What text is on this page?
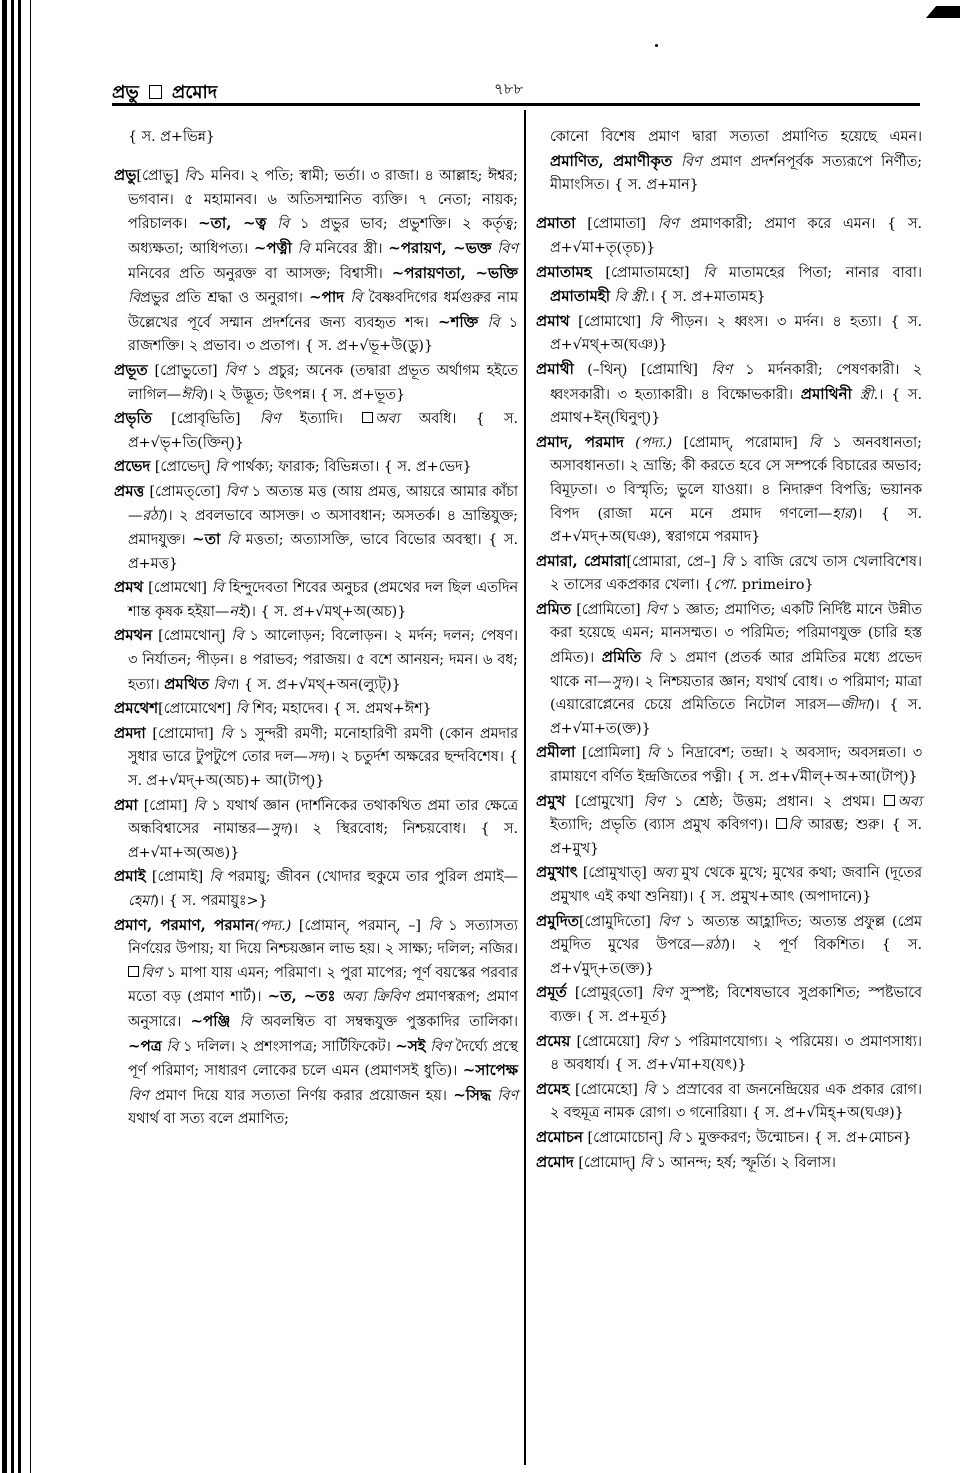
প্রভু প্রমোদ	৭৮৮

{ স. প্র+ভিন্ন}

প্রভু[প্রোভু] বি১ মনিব। ২ পতি; স্বামী; ভর্তা। ৩ রাজা। ৪ আল্লাহ; ঈশ্বর; ভগবান। ৫ মহামানব। ৬ অতিসম্মানিত ব্যক্তি। ৭ নেতা; নায়ক; পরিচালক। ~তা, ~ত্ব বি ১ প্রভুর ভাব; প্রভুশক্তি। ২ কর্তৃত্ব; অধ্যক্ষতা; আধিপত্য। ~পত্নী বি মনিবের স্ত্রী। ~পরায়ণ, ~ভক্ত বিণ মনিবের প্রতি অনুরক্ত বা আসক্ত; বিশ্বাসী। ~পরায়ণতা, ~ভক্তি বিপ্রভুর প্রতি শ্রদ্ধা ও অনুরাগ। ~পাদ বি বৈষ্ণবদিগের ধর্মগুরুর নাম উল্লেখের পূর্বে সম্মান প্রদর্শনের জন্য ব্যবহৃত শব্দ। ~শক্তি বি ১ রাজশক্তি। ২ প্রভাব। ৩ প্রতাপ। { স. প্র+√ভূ+উ(ডু)}

প্রভূত [প্রোভুতো] বিণ ১ প্রচুর; অনেক (তদ্বারা প্রভূত অর্থাগম হইতে লাগিল—ঈবি)। ২ উদ্ভূত; উৎপন্ন। { স. প্র+ভূত}

প্রভৃতি [প্রোবৃভিতি] বিণ ইত্যাদি। অব্য অবধি। { স. প্র+√ভৃ+তি(ক্তিন্)}

প্রভেদ [প্রোভেদ্] বি পার্থক্য; ফারাক; বিভিন্নতা। { স. প্র+ভেদ}

প্রমত্ত [প্রোমত্‌তো] বিণ ১ অত্যন্ত মত্ত (আয় প্রমত্ত, আয়রে আমার কাঁচা—রঠা)। ২ প্রবলভাবে আসক্ত। ৩ অসাবধান; অসতর্ক। ৪ ভ্রান্তিযুক্ত; প্রমাদযুক্ত। ~তা বি মত্ততা; অত্যাসক্তি, ভাবে বিভোর অবস্থা। { স. প্র+মত্ত}

প্রমথ [প্রোমথো] বি হিন্দুদেবতা শিবের অনুচর (প্রমথের দল ছিল এতদিন শান্ত কৃষক হইয়া—নই)। { স. প্র+√মথ্+অ(অচ)}

প্রমথন [প্রোমথোন্] বি ১ আলোড়ন; বিলোড়ন। ২ মর্দন; দলন; পেষণ। ৩ নির্যাতন; পীড়ন। ৪ পরাভব; পরাজয়। ৫ বশে আনয়ন; দমন। ৬ বধ; হত্যা। প্রমথিত বিণ। { স. প্র+√মথ্+অন(ল্যুট্)}

প্রমথেশ[প্রোমোথেশ] বি শিব; মহাদেব। { স. প্রমথ+ঈশ}

প্রমদা [প্রোমোদা] বি ১ সুন্দরী রমণী; মনোহারিণী রমণী (কোন প্রমদার সুধার ভারে টুপটুপে তোর দল—সদ)। ২ চতুর্দশ অক্ষরের ছন্দবিশেষ। { স. প্র+√মদ্+অ(অচ)+ আ(টাপ্)}

প্রমা [প্রোমা] বি ১ যথার্থ জ্ঞান (দার্শনিকের তথাকথিত প্রমা তার ক্ষেত্রে অন্ধবিশ্বাসের নামান্তর—সুদ)। ২ স্থিরবোধ; নিশ্চয়বোধ। { স. প্র+√মা+অ(অঙ)}

প্রমাই [প্রোমাই] বি পরমায়ু; জীবন (খোদার হুকুমে তার পুরিল প্রমাই—হেমা)। { স. পরমায়ুঃ>}

প্রমাণ, পরমাণ, পরমান(পদ্য.) [প্রোমান্, পরমান্, –] বি ১ সত্যাসত্য নির্ণয়ের উপায়; যা দিয়ে নিশ্চয়জ্ঞান লাভ হয়। ২ সাক্ষ্য; দলিল; নজির। বিণ ১ মাপা যায় এমন; পরিমাণ। ২ পুরা মাপের; পূর্ণ বয়স্কের পরবার মতো বড় (প্রমাণ শার্ট)। ~ত, ~তঃ অব্য ক্রিবিণ প্রমাণস্বরূপ; প্রমাণ অনুসারে। ~পঞ্জি বি অবলম্বিত বা সম্বন্ধযুক্ত পুস্তকাদির তালিকা। ~পত্র বি ১ দলিল। ২ প্রশংসাপত্র; সার্টিফিকেট। ~সই বিণ দৈর্ঘ্যে প্রস্থে পূর্ণ পরিমাণ; সাধারণ লোকের চলে এমন (প্রমাণসই ধুতি)। ~সাপেক্ষ বিণ প্রমাণ দিয়ে যার সত্যতা নির্ণয় করার প্রয়োজন হয়। ~সিদ্ধ বিণ যথার্থ বা সত্য বলে প্রমাণিত;

কোনো বিশেষ প্রমাণ দ্বারা সত্যতা প্রমাণিত হয়েছে এমন। প্রমাণিত, প্রমাণীকৃত বিণ প্রমাণ প্রদর্শনপূর্বক সত্যরূপে নির্ণীত; মীমাংসিত। { স. প্র+মান}

প্রমাতা [প্রোমাতা] বিণ প্রমাণকারী; প্রমাণ করে এমন। { স. প্র+√মা+তৃ(তৃচ)}

প্রমাতামহ [প্রোমাতামহো] বি মাতামহের পিতা; নানার বাবা। প্রমাতামহী বি স্ত্রী.। { স. প্র+মাতামহ}

প্রমাথ [প্রোমাথো] বি পীড়ন। ২ ধ্বংস। ৩ মর্দন। ৪ হত্যা। { স. প্র+√মথ্+অ(ঘঞ)}

প্রমাথী (–থিন্) [প্রোমাথি] বিণ ১ মর্দনকারী; পেষণকারী। ২ ধ্বংসকারী। ৩ হত্যাকারী। ৪ বিক্ষোভকারী। প্রমাথিনী স্ত্রী.। { স. প্রমাথ+ইন্(ঘিনুণ্)}

প্রমাদ, পরমাদ (পদ্য.) [প্রোমাদ্, পরোমাদ] বি ১ অনবধানতা; অসাবধানতা। ২ ভ্রান্তি; কী করতে হবে সে সম্পর্কে বিচারের অভাব; বিমূঢ়তা। ৩ বিস্মৃতি; ভুলে যাওয়া। ৪ নিদারুণ বিপত্তি; ভয়ানক বিপদ (রাজা মনে মনে প্রমাদ গণলো—হার)। { স. প্র+√মদ্+অ(ঘঞ), স্বরাগমে পরমাদ}

প্রমারা, প্রেমারা[প্রোমারা, প্রে–] বি ১ বাজি রেখে তাস খেলাবিশেষ। ২ তাসের একপ্রকার খেলা। {পো. primeiro}

প্রমিত [প্রোমিতো] বিণ ১ জ্ঞাত; প্রমাণিত; একটি নির্দিষ্ট মানে উন্নীত করা হয়েছে এমন; মানসম্মত। ৩ পরিমিত; পরিমাণযুক্ত (চারি হস্ত প্রমিত)। প্রমিতি বি ১ প্রমাণ (প্রতর্ক আর প্রমিতির মধ্যে প্রভেদ থাকে না—সুদ)। ২ নিশ্চয়তার জ্ঞান; যথার্থ বোধ। ৩ পরিমাণ; মাত্রা (এয়ারোপ্লেনের চেয়ে প্রমিতিতে নিটোল সারস—জীদা)। { স. প্র+√মা+ত(ক্ত)}

প্রমীলা [প্রোমিলা] বি ১ নিদ্রাবেশ; তন্দ্রা। ২ অবসাদ; অবসন্নতা। ৩ রামায়ণে বর্ণিত ইন্দ্রজিতের পত্নী। { স. প্র+√মীল্+অ+আ(টাপ্)}

প্রমুখ [প্রোমুখো] বিণ ১ শ্রেষ্ঠ; উত্তম; প্রধান। ২ প্রথম। অব্য ইত্যাদি; প্রভৃতি (ব্যাস প্রমুখ কবিগণ)। বি আরম্ভ; শুরু। { স. প্র+মুখ}

প্রমুখাৎ [প্রোমুখাত্] অব্য মুখ থেকে মুখে; মুখের কথা; জবানি (দূতের প্রমুখাৎ এই কথা শুনিয়া)। { স. প্রমুখ+আৎ (অপাদানে)}

প্রমুদিত[প্রোমুদিতো] বিণ ১ অত্যন্ত আহ্লাদিত; অত্যন্ত প্রফুল্ল (প্রেম প্রমুদিত মুখের উপরে—রঠা)। ২ পূর্ণ বিকশিত। { স. প্র+√মুদ্+ত(ক্ত)}

প্রমূর্ত [প্রোমুর্‌তো] বিণ সুস্পষ্ট; বিশেষভাবে সুপ্রকাশিত; স্পষ্টভাবে ব্যক্ত। { স. প্র+মূর্ত}

প্রমেয় [প্রোমেয়ো] বিণ ১ পরিমাণযোগ্য। ২ পরিমেয়। ৩ প্রমাণসাধ্য। ৪ অবধার্য। { স. প্র+√মা+য(যৎ)}

প্রমেহ [প্রোমেহো] বি ১ প্রস্রাবের বা জননেন্দ্রিয়ের এক প্রকার রোগ। ২ বহুমূত্র নামক রোগ। ৩ গনোরিয়া। { স. প্র+√মিহ্+অ(ঘঞ)}

প্রমোচন [প্রোমোচোন্] বি ১ মুক্তকরণ; উন্মোচন। { স. প্র+মোচন}

প্রমোদ [প্রোমোদ্] বি ১ আনন্দ; হর্ষ; স্ফূর্তি। ২ বিলাস।
